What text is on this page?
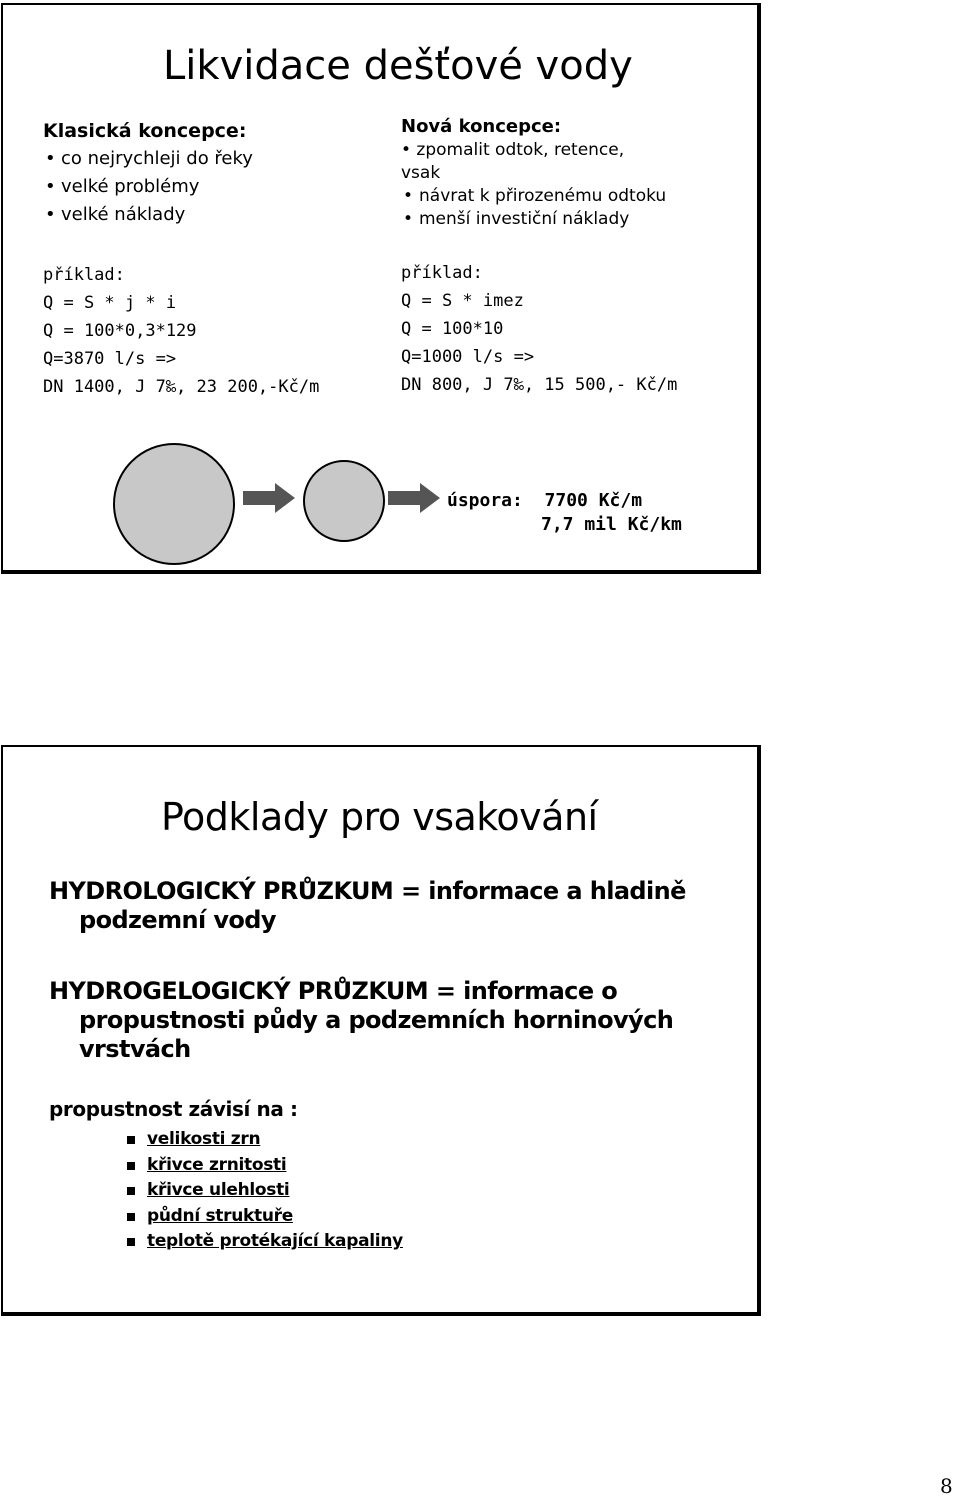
Likvidace dešťové vody
Klasická koncepce:
• co nejrychleji do řeky
• velké problémy
• velké náklady
příklad:
Q = S * j * i
Q = 100*0,3*129
Q=3870 l/s =>
DN 1400, J 7‰, 23 200,-Kč/m
Nová koncepce:
• zpomalit odtok, retence,
vsak
• návrat k přirozenému odtoku
• menší investiční náklady
příklad:
Q = S * imez
Q = 100*10
Q=1000 l/s =>
DN 800, J 7‰, 15 500,- Kč/m
úspora:  7700 Kč/m
7,7 mil Kč/km
Podklady pro vsakování
HYDROLOGICKÝ PRŮZKUM = informace a hladině
podzemní vody
HYDROGELOGICKÝ PRŮZKUM = informace o
propustnosti půdy a podzemních horninových
vrstvách
propustnost závisí na :
velikosti zrn
křivce zrnitosti
křivce ulehlosti
půdní struktuře
teplotě protékající kapaliny
8
